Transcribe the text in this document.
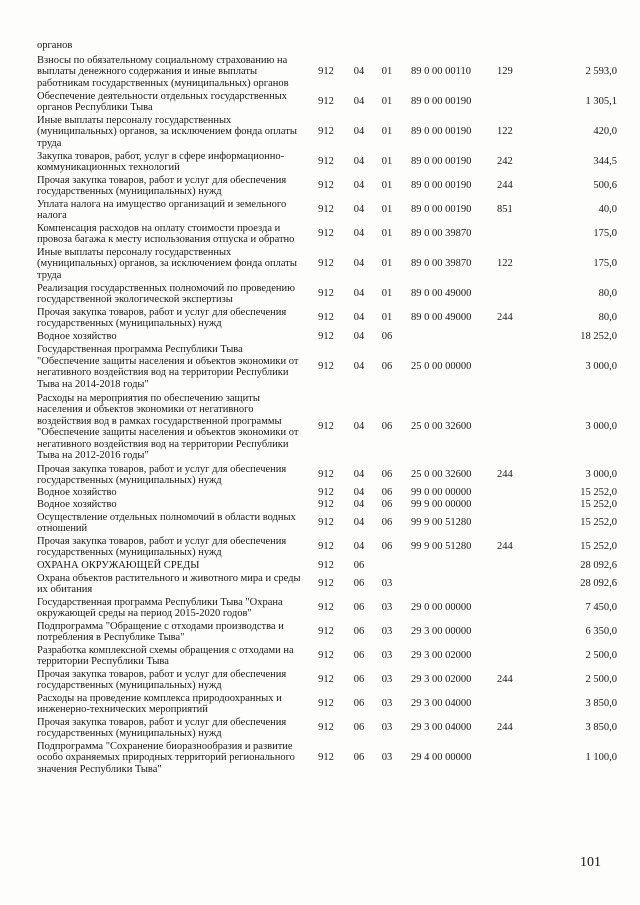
органов
Взносы по обязательному социальному страхованию на выплаты денежного содержания и иные выплаты работникам государственных (муниципальных) органов	912	04	01	89 0 00 00110	129	2 593,0
Обеспечение деятельности отдельных государственных органов Республики Тыва	912	04	01	89 0 00 00190		1 305,1
Иные выплаты персоналу государственных (муниципальных) органов, за исключением фонда оплаты труда	912	04	01	89 0 00 00190	122	420,0
Закупка товаров, работ, услуг в сфере информационно-коммуникационных технологий	912	04	01	89 0 00 00190	242	344,5
Прочая закупка товаров, работ и услуг для обеспечения государственных (муниципальных) нужд	912	04	01	89 0 00 00190	244	500,6
Уплата налога на имущество организаций и земельного налога	912	04	01	89 0 00 00190	851	40,0
Компенсация расходов на оплату стоимости проезда и провоза багажа к месту использования отпуска и обратно	912	04	01	89 0 00 39870		175,0
Иные выплаты персоналу государственных (муниципальных) органов, за исключением фонда оплаты труда	912	04	01	89 0 00 39870	122	175,0
Реализация государственных полномочий по проведению государственной экологической экспертизы	912	04	01	89 0 00 49000		80,0
Прочая закупка товаров, работ и услуг для обеспечения государственных (муниципальных) нужд	912	04	01	89 0 00 49000	244	80,0
Водное хозяйство	912	04	06			18 252,0
Государственная программа Республики Тыва "Обеспечение защиты населения и объектов экономики от негативного воздействия вод на территории Республики Тыва на 2014-2018 годы"	912	04	06	25 0 00 00000		3 000,0
Расходы на мероприятия по обеспечению защиты населения и объектов экономики от негативного воздействия вод в рамках государственной программы "Обеспечение защиты населения и объектов экономики от негативного воздействия вод на территории Республики Тыва на 2012-2016 годы"	912	04	06	25 0 00 32600		3 000,0
Прочая закупка товаров, работ и услуг для обеспечения государственных (муниципальных) нужд	912	04	06	25 0 00 32600	244	3 000,0
Водное хозяйство	912	04	06	99 0 00 00000		15 252,0
Водное хозяйство	912	04	06	99 9 00 00000		15 252,0
Осуществление отдельных полномочий в области водных отношений	912	04	06	99 9 00 51280		15 252,0
Прочая закупка товаров, работ и услуг для обеспечения государственных (муниципальных) нужд	912	04	06	99 9 00 51280	244	15 252,0
ОХРАНА ОКРУЖАЮЩЕЙ СРЕДЫ	912	06				28 092,6
Охрана объектов растительного и животного мира и среды их обитания	912	06	03			28 092,6
Государственная программа Республики Тыва "Охрана окружающей среды на период 2015-2020 годов"	912	06	03	29 0 00 00000		7 450,0
Подпрограмма "Обращение с отходами производства и потребления в Республике Тыва"	912	06	03	29 3 00 00000		6 350,0
Разработка комплексной схемы обращения с отходами на территории Республики Тыва	912	06	03	29 3 00 02000		2 500,0
Прочая закупка товаров, работ и услуг для обеспечения государственных (муниципальных) нужд	912	06	03	29 3 00 02000	244	2 500,0
Расходы на проведение комплекса природоохранных и инженерно-технических мероприятий	912	06	03	29 3 00 04000		3 850,0
Прочая закупка товаров, работ и услуг для обеспечения государственных (муниципальных) нужд	912	06	03	29 3 00 04000	244	3 850,0
Подпрограмма "Сохранение биоразнообразия и развитие особо охраняемых природных территорий регионального значения Республики Тыва"	912	06	03	29 4 00 00000		1 100,0
101
